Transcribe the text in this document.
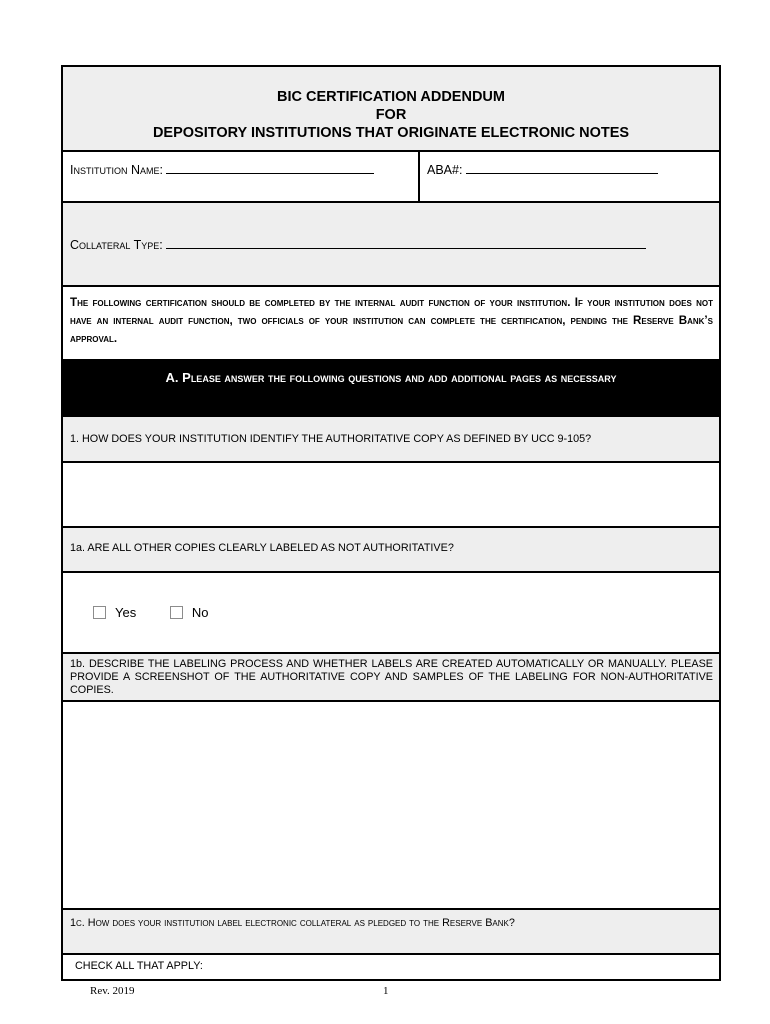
BIC CERTIFICATION ADDENDUM
FOR
DEPOSITORY INSTITUTIONS THAT ORIGINATE ELECTRONIC NOTES
Institution Name:	ABA#:
Collateral Type:
The following certification should be completed by the internal audit function of your institution. If your institution does not have an internal audit function, two officials of your institution can complete the certification, pending the Reserve Bank’s approval.
A. Please answer the following questions and add additional pages as necessary
1. HOW DOES YOUR INSTITUTION IDENTIFY THE AUTHORITATIVE COPY AS DEFINED BY UCC 9-105?
1a. ARE ALL OTHER COPIES CLEARLY LABELED AS NOT AUTHORITATIVE?
Yes	No
1b. DESCRIBE THE LABELING PROCESS AND WHETHER LABELS ARE CREATED AUTOMATICALLY OR MANUALLY. PLEASE PROVIDE A SCREENSHOT OF THE AUTHORITATIVE COPY AND SAMPLES OF THE LABELING FOR NON-AUTHORITATIVE COPIES.
1c. How does your institution label electronic collateral as pledged to the Reserve Bank?
CHECK ALL THAT APPLY:
Rev. 2019	1
